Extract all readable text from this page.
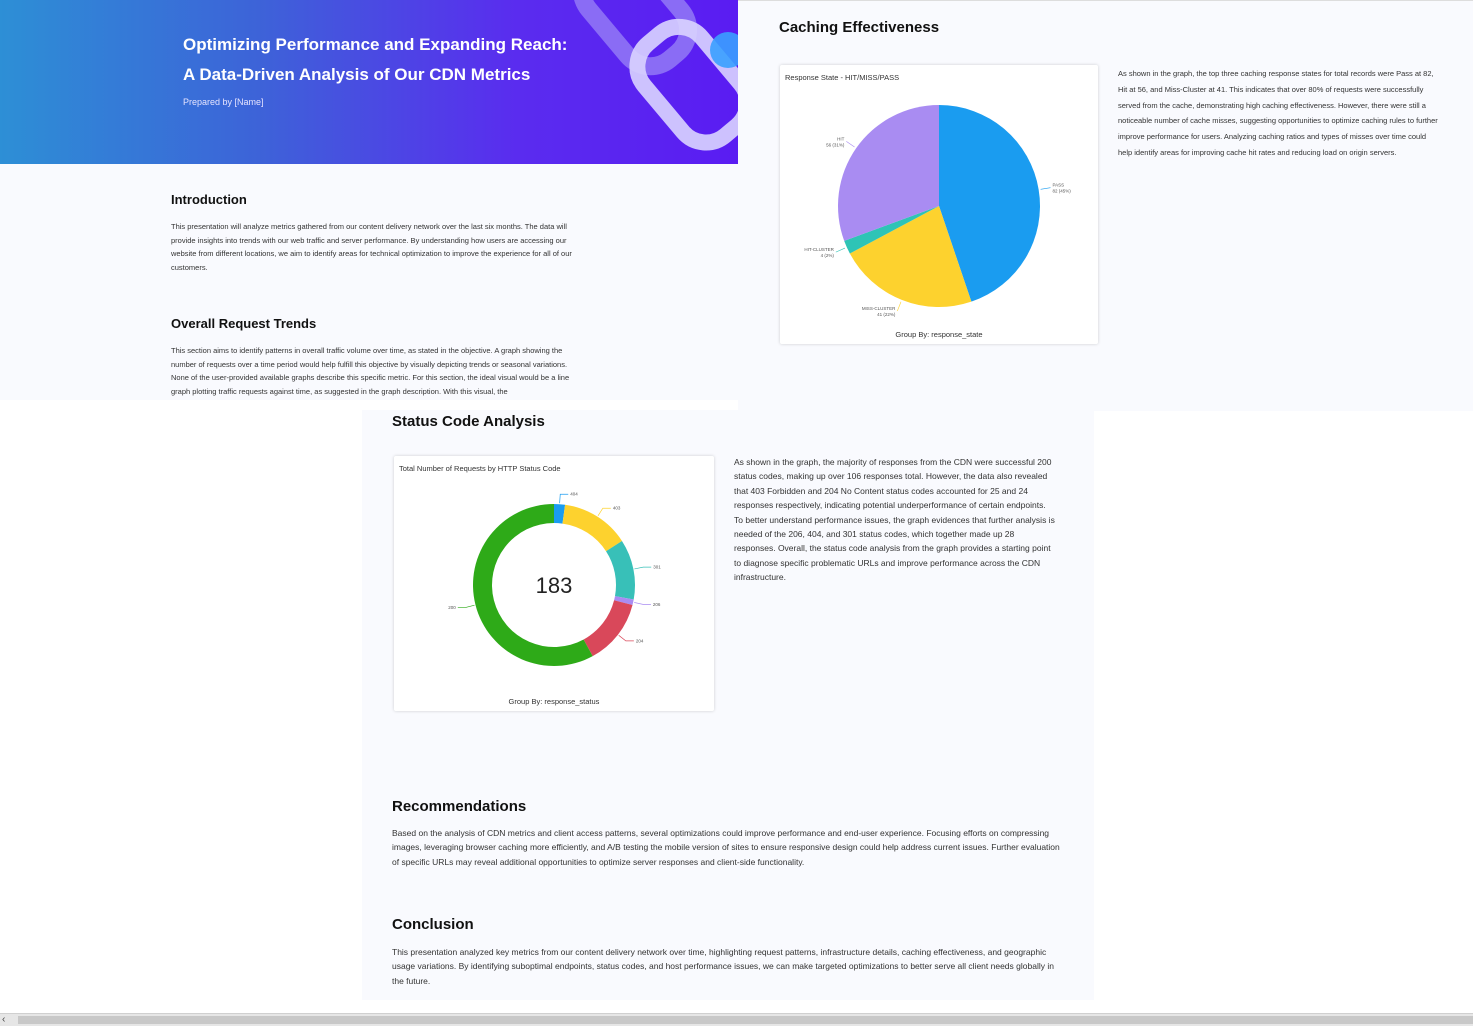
Optimizing Performance and Expanding Reach:
A Data-Driven Analysis of Our CDN Metrics
Prepared by [Name]
Introduction

This presentation will analyze metrics gathered from our content delivery network over the last six months. The data will provide insights into trends with our web traffic and server performance. By understanding how users are accessing our website from different locations, we aim to identify areas for technical optimization to improve the experience for all of our customers.

Overall Request Trends

This section aims to identify patterns in overall traffic volume over time, as stated in the objective. A graph showing the number of requests over a time period would help fulfill this objective by visually depicting trends or seasonal variations. None of the user-provided available graphs describe this specific metric. For this section, the ideal visual would be a line graph plotting traffic requests against time, as suggested in the graph description. With this visual, the

Caching Effectiveness
Response State - HIT/MISS/PASS
PASS
82 (45%)
MISS-CLUSTER
41 (22%)
HIT-CLUSTER
4 (2%)
HIT
56 (31%)
Group By: response_state

As shown in the graph, the top three caching response states for total records were Pass at 82, Hit at 56, and Miss-Cluster at 41. This indicates that over 80% of requests were successfully served from the cache, demonstrating high caching effectiveness. However, there were still a noticeable number of cache misses, suggesting opportunities to optimize caching rules to further improve performance for users. Analyzing caching ratios and types of misses over time could help identify areas for improving cache hit rates and reducing load on origin servers.

Status Code Analysis
Total Number of Requests by HTTP Status Code
404
403
301
206
204
200
183
Group By: response_status

As shown in the graph, the majority of responses from the CDN were successful 200 status codes, making up over 106 responses total. However, the data also revealed that 403 Forbidden and 204 No Content status codes accounted for 25 and 24 responses respectively, indicating potential underperformance of certain endpoints. To better understand performance issues, the graph evidences that further analysis is needed of the 206, 404, and 301 status codes, which together made up 28 responses. Overall, the status code analysis from the graph provides a starting point to diagnose specific problematic URLs and improve performance across the CDN infrastructure.

Recommendations

Based on the analysis of CDN metrics and client access patterns, several optimizations could improve performance and end-user experience. Focusing efforts on compressing images, leveraging browser caching more efficiently, and A/B testing the mobile version of sites to ensure responsive design could help address current issues. Further evaluation of specific URLs may reveal additional opportunities to optimize server responses and client-side functionality.

Conclusion

This presentation analyzed key metrics from our content delivery network over time, highlighting request patterns, infrastructure details, caching effectiveness, and geographic usage variations. By identifying suboptimal endpoints, status codes, and host performance issues, we can make targeted optimizations to better serve all client needs globally in the future.

‹
